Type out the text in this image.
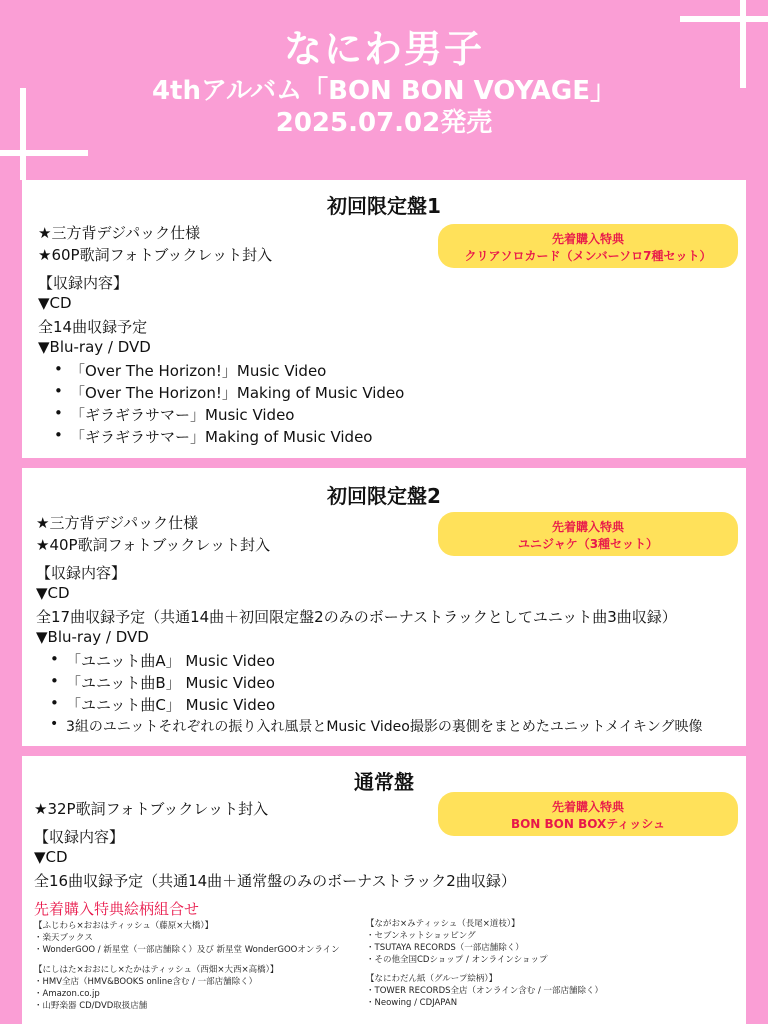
なにわ男子
4thアルバム「BON BON VOYAGE」
2025.07.02発売
初回限定盤1
★三方背デジパック仕様
★60P歌詞フォトブックレット封入
先着購入特典
クリアソロカード（メンバーソロ7種セット）
【収録内容】
▼CD
全14曲収録予定
▼Blu-ray / DVD
• 「Over The Horizon!」Music Video
• 「Over The Horizon!」Making of Music Video
• 「ギラギラサマー」Music Video
• 「ギラギラサマー」Making of Music Video
初回限定盤2
★三方背デジパック仕様
★40P歌詞フォトブックレット封入
先着購入特典
ユニジャケ（3種セット）
【収録内容】
▼CD
全17曲収録予定（共通14曲＋初回限定盤2のみのボーナストラックとしてユニット曲3曲収録）
▼Blu-ray / DVD
• 「ユニット曲A」 Music Video
• 「ユニット曲B」 Music Video
• 「ユニット曲C」 Music Video
• 3組のユニットそれぞれの振り入れ風景とMusic Video撮影の裏側をまとめたユニットメイキング映像
通常盤
★32P歌詞フォトブックレット封入	先着購入特典
BON BON BOXティッシュ
【収録内容】
▼CD
全16曲収録予定（共通14曲＋通常盤のみのボーナストラック2曲収録）
先着購入特典絵柄組合せ
【ふじわら×おおはティッシュ（藤原×大橋）】
・楽天ブックス
・WonderGOO / 新星堂（一部店舗除く）及び 新星堂 WonderGOOオンライン
【にしはた×おおにし×たかはティッシュ（西畑×大西×高橋）】
・HMV全店（HMV&BOOKS online含む / 一部店舗除く）
・Amazon.co.jp
・山野楽器 CD/DVD取扱店舗
【ながお×みティッシュ（長尾×道枝）】
・セブンネットショッピング
・TSUTAYA RECORDS（一部店舗除く）
・その他全国CDショップ / オンラインショップ
【なにわだん紙（グループ絵柄）】
・TOWER RECORDS全店（オンライン含む / 一部店舗除く）
・Neowing / CDJAPAN
